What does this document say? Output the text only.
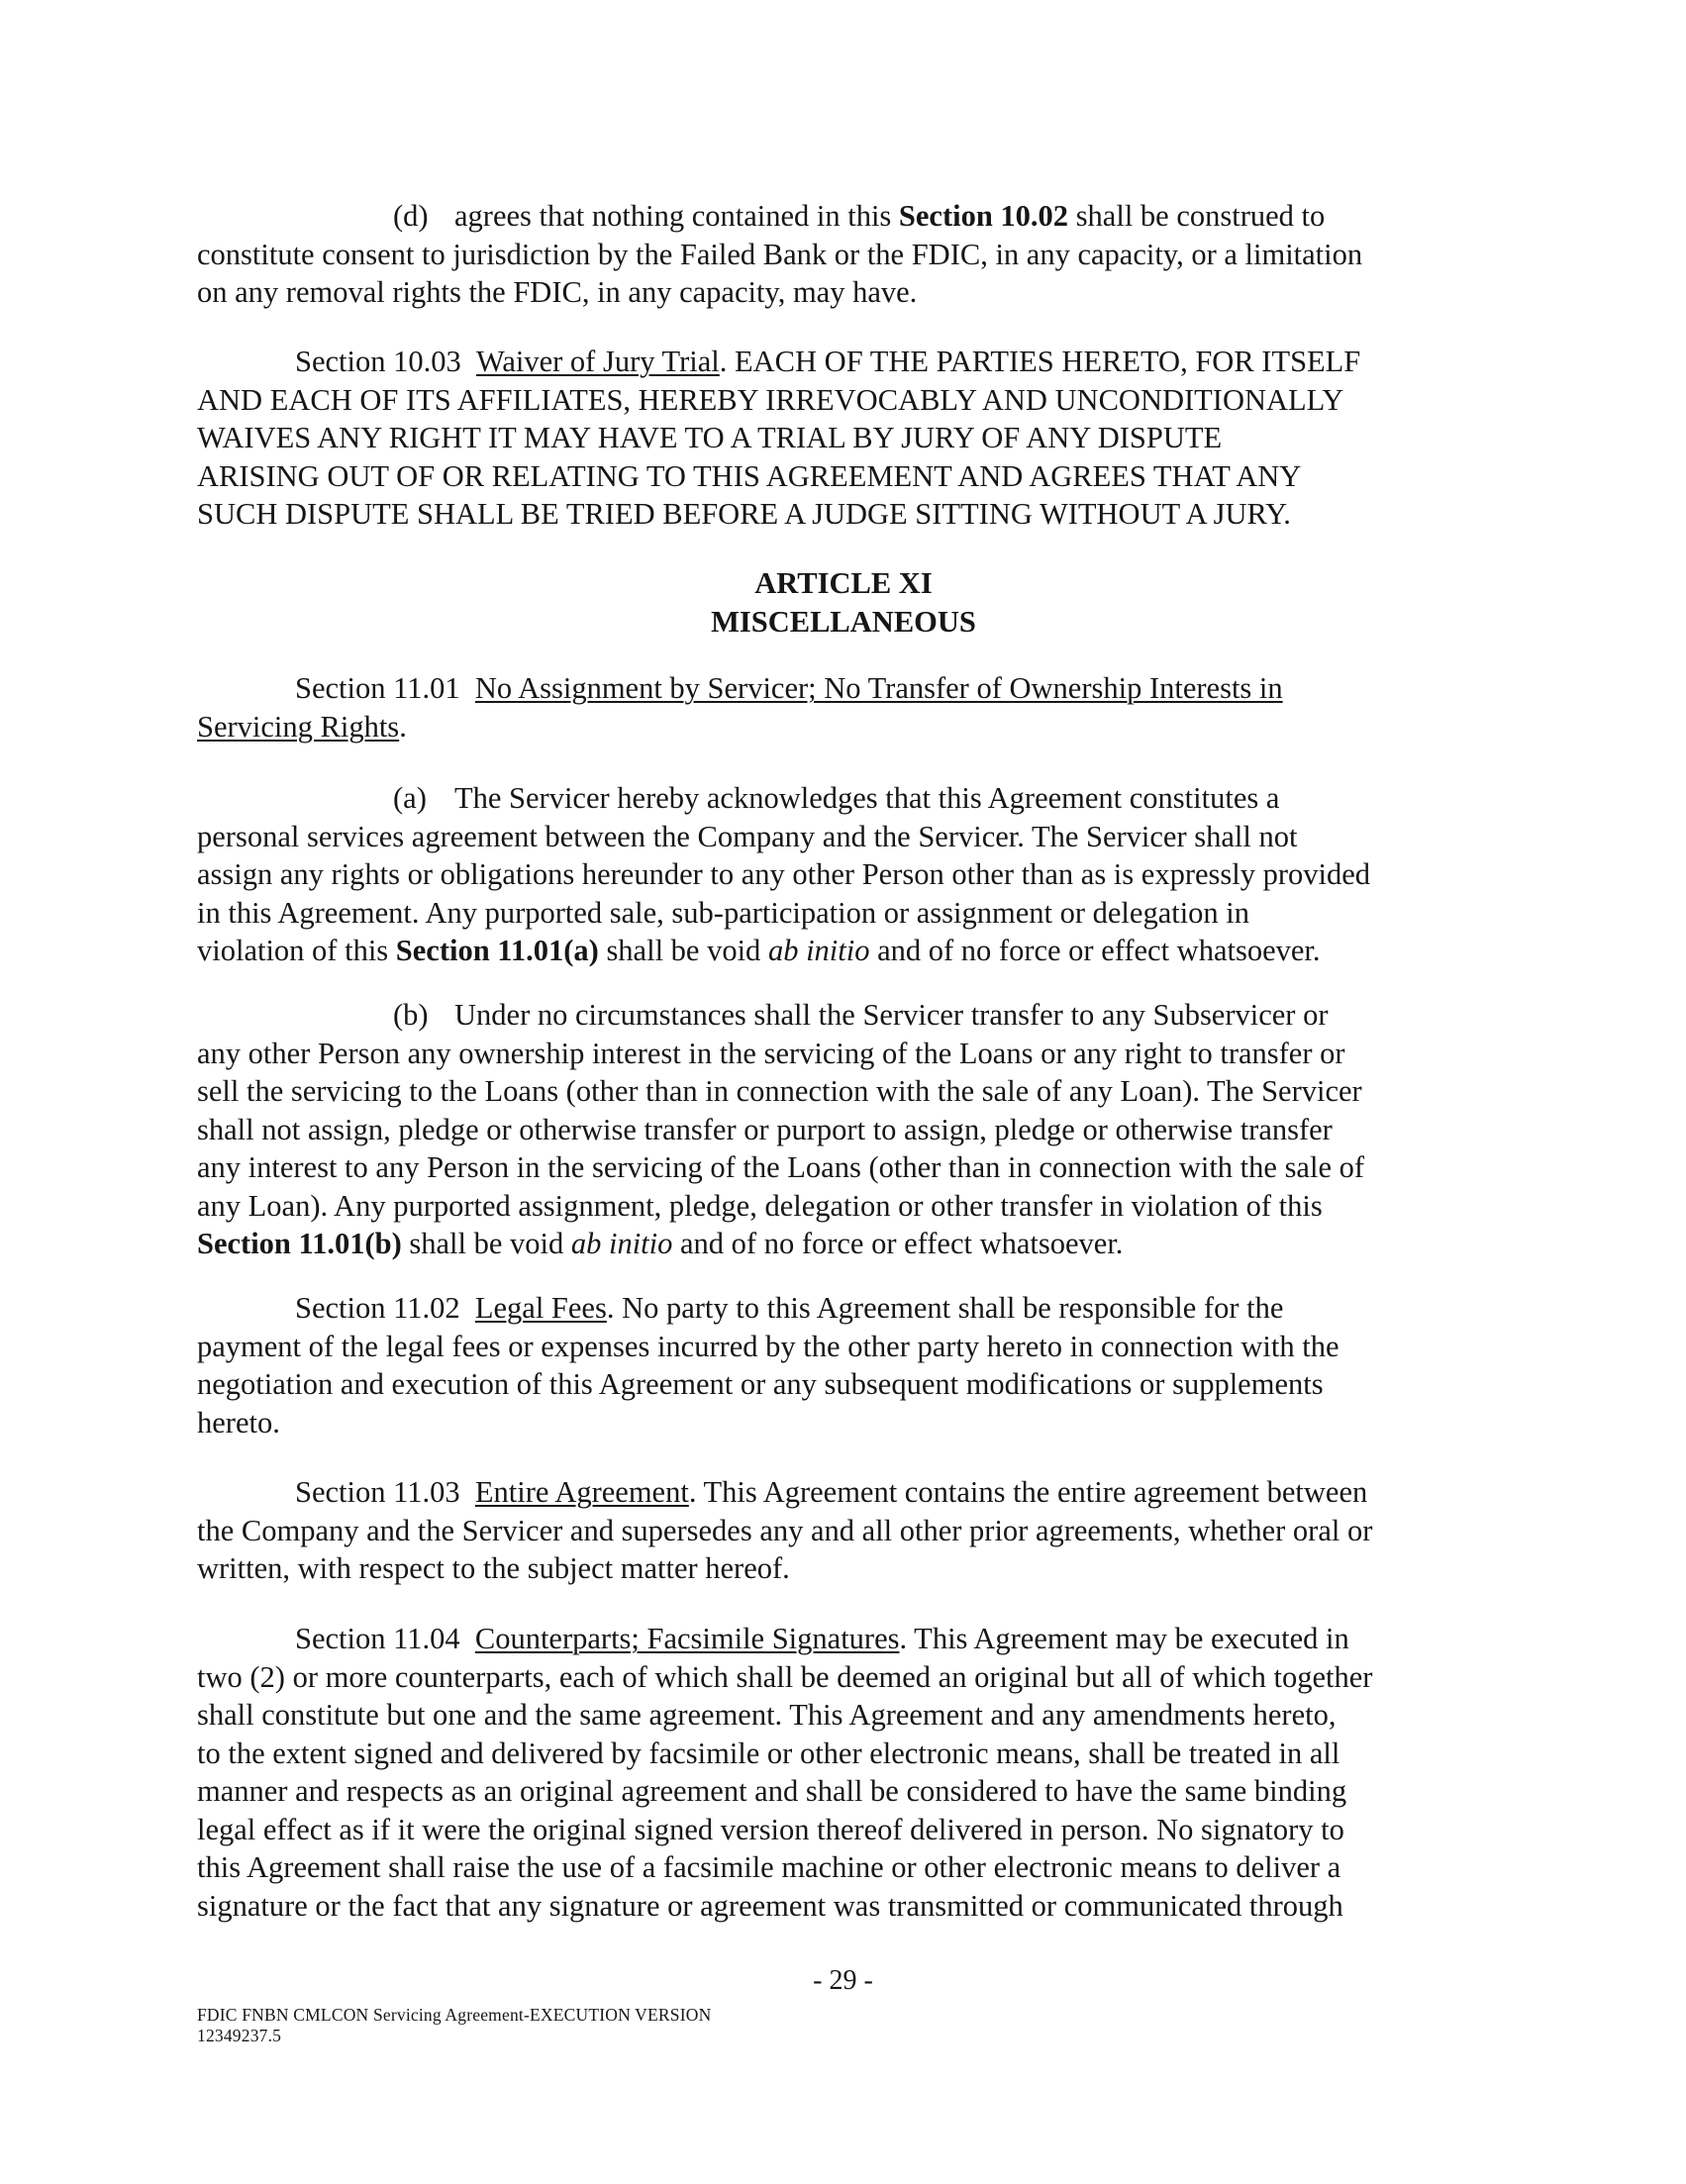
(d) agrees that nothing contained in this Section 10.02 shall be construed to
constitute consent to jurisdiction by the Failed Bank or the FDIC, in any capacity, or a limitation
on any removal rights the FDIC, in any capacity, may have.
Section 10.03 Waiver of Jury Trial. EACH OF THE PARTIES HERETO, FOR ITSELF
AND EACH OF ITS AFFILIATES, HEREBY IRREVOCABLY AND UNCONDITIONALLY
WAIVES ANY RIGHT IT MAY HAVE TO A TRIAL BY JURY OF ANY DISPUTE
ARISING OUT OF OR RELATING TO THIS AGREEMENT AND AGREES THAT ANY
SUCH DISPUTE SHALL BE TRIED BEFORE A JUDGE SITTING WITHOUT A JURY.
ARTICLE XI
MISCELLANEOUS
Section 11.01 No Assignment by Servicer; No Transfer of Ownership Interests in
Servicing Rights.
(a) The Servicer hereby acknowledges that this Agreement constitutes a
personal services agreement between the Company and the Servicer. The Servicer shall not
assign any rights or obligations hereunder to any other Person other than as is expressly provided
in this Agreement. Any purported sale, sub-participation or assignment or delegation in
violation of this Section 11.01(a) shall be void ab initio and of no force or effect whatsoever.
(b) Under no circumstances shall the Servicer transfer to any Subservicer or
any other Person any ownership interest in the servicing of the Loans or any right to transfer or
sell the servicing to the Loans (other than in connection with the sale of any Loan). The Servicer
shall not assign, pledge or otherwise transfer or purport to assign, pledge or otherwise transfer
any interest to any Person in the servicing of the Loans (other than in connection with the sale of
any Loan). Any purported assignment, pledge, delegation or other transfer in violation of this
Section 11.01(b) shall be void ab initio and of no force or effect whatsoever.
Section 11.02 Legal Fees. No party to this Agreement shall be responsible for the
payment of the legal fees or expenses incurred by the other party hereto in connection with the
negotiation and execution of this Agreement or any subsequent modifications or supplements
hereto.
Section 11.03 Entire Agreement. This Agreement contains the entire agreement between
the Company and the Servicer and supersedes any and all other prior agreements, whether oral or
written, with respect to the subject matter hereof.
Section 11.04 Counterparts; Facsimile Signatures. This Agreement may be executed in
two (2) or more counterparts, each of which shall be deemed an original but all of which together
shall constitute but one and the same agreement. This Agreement and any amendments hereto,
to the extent signed and delivered by facsimile or other electronic means, shall be treated in all
manner and respects as an original agreement and shall be considered to have the same binding
legal effect as if it were the original signed version thereof delivered in person. No signatory to
this Agreement shall raise the use of a facsimile machine or other electronic means to deliver a
signature or the fact that any signature or agreement was transmitted or communicated through
- 29 -
FDIC FNBN CMLCON Servicing Agreement-EXECUTION VERSION
12349237.5
